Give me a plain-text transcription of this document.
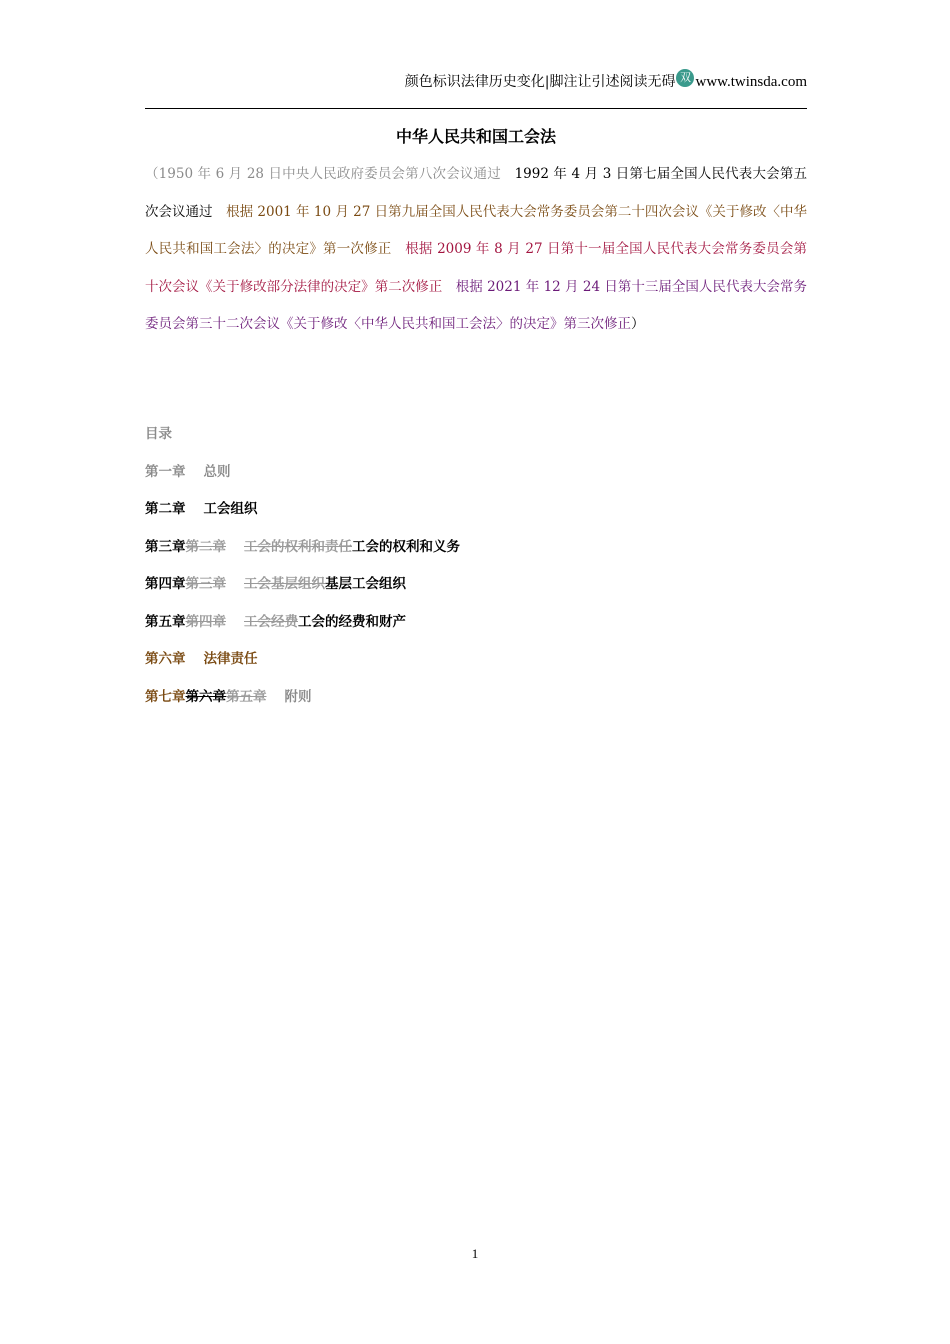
颜色标识法律历史变化|脚注让引述阅读无碍 双 www.twinsda.com
中华人民共和国工会法
（1950 年 6 月 28 日中央人民政府委员会第八次会议通过　 1992 年 4 月 3 日第七届全国人民代表大会第五次会议通过　 根据 2001 年 10 月 27 日第九届全国人民代表大会常务委员会第二十四次会议《关于修改〈中华人民共和国工会法〉的决定》第一次修正　 根据 2009 年 8 月 27 日第十一届全国人民代表大会常务委员会第十次会议《关于修改部分法律的决定》第二次修正　 根据 2021 年 12 月 24 日第十三届全国人民代表大会常务委员会第三十二次会议《关于修改〈中华人民共和国工会法〉的决定》第三次修正）
目录
第一章 总则
第二章 工会组织
第三章第二章 工会的权利和责任工会的权利和义务
第四章第三章 工会基层组织基层工会组织
第五章第四章 工会经费工会的经费和财产
第六章 法律责任
第七章第六章第五章 附则
1
